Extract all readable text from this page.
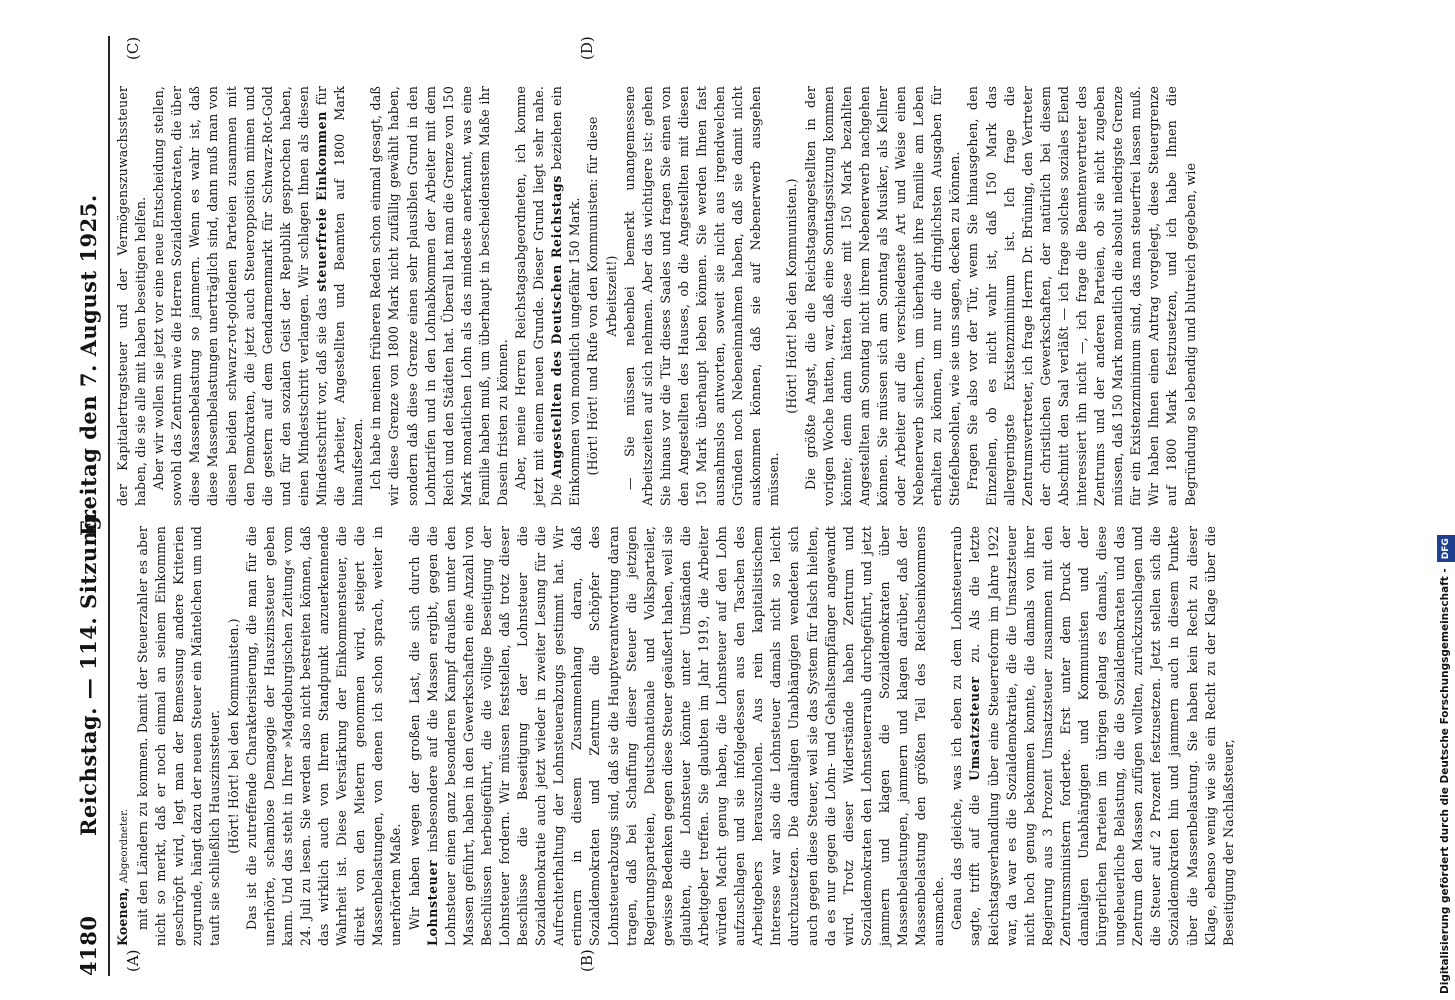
4180
Reichstag. — 114. Sitzung.
Freitag den 7. August 1925.
(A)	(B)
(C)	(D)

Koenen, Abgeordneter. mit den Ländern zu kommen. Damit der Steuerzahler es aber nicht so merkt, daß er noch einmal an seinem Einkommen geschröpft wird, legt man der Bemessung andere Kriterien zugrunde, hängt dazu der neuen Steuer ein Mäntelchen um und tauft sie schließlich Hauszinssteuer. (Hört! Hört! bei den Kommunisten.) Das ist die zutreffende Charakterisierung, die man für die unerhörte, schamlose Demagogie der Hauszinssteuer geben kann. Und das steht in Ihrer »Magdeburgischen Zeitung« vom 24. Juli zu lesen. Sie werden also nicht bestreiten können, daß das wirklich auch von Ihrem Standpunkt anzuerkennende Wahrheit ist. Diese Verstärkung der Einkommensteuer, die direkt von den Mietern genommen wird, steigert die Massenbelastungen, von denen ich schon sprach, weiter in unerhörtem Maße. Wir haben wegen der großen Last, die sich durch die Lohnsteuer insbesondere auf die Massen ergibt, gegen die Lohnsteuer einen ganz besonderen Kampf draußen unter den Massen geführt, haben in den Gewerkschaften eine Anzahl von Beschlüssen herbeigeführt, die die völlige Beseitigung der Lohnsteuer fordern. Wir müssen feststellen, daß trotz dieser Beschlüsse die Beseitigung der Lohnsteuer die Sozialdemokratie auch jetzt wieder in zweiter Lesung für die Aufrechterhaltung der Lohnsteuerabzugs gestimmt hat. Wir erinnern in diesem Zusammenhang daran, daß Sozialdemokraten und Zentrum die Schöpfer des Lohnsteuerabzugs sind, daß sie die Hauptverantwortung daran tragen, daß bei Schaffung dieser Steuer die jetzigen Regierungsparteien, Deutschnationale und Volksparteiler, gewisse Bedenken gegen diese Steuer geäußert haben, weil sie glaubten, die Lohnsteuer könnte unter Umständen die Arbeitgeber treffen. Sie glaubten im Jahr 1919, die Arbeiter würden Macht genug haben, die Lohnsteuer auf den Lohn aufzuschlagen und sie infolgedessen aus den Taschen des Arbeitgebers herauszuholen. Aus rein kapitalistischem Interesse war also die Lohnsteuer damals nicht so leicht durchzusetzen. Die damaligen Unabhängigen wendeten sich auch gegen diese Steuer, weil sie das System für falsch hielten, da es nur gegen die Lohn- und Gehaltsempfänger angewandt wird. Trotz dieser Widerstände haben Zentrum und Sozialdemokraten den Lohnsteuerraub durchgeführt, und jetzt jammern und klagen die Sozialdemokraten über Massenbelastungen, jammern und klagen darüber, daß der Massenbelastung den größten Teil des Reichseinkommens ausmache. Genau das gleiche, was ich eben zu dem Lohnsteuerraub sagte, trifft auf die Umsatzsteuer zu. Als die letzte Reichstagsverhandlung über eine Steuerreform im Jahre 1922 war, da war es die Sozialdemokratie, die die Umsatzsteuer nicht hoch genug bekommen konnte, die damals von ihrer Regierung aus 3 Prozent Umsatzsteuer zusammen mit den Zentrumsministern forderte. Erst unter dem Druck der damaligen Unabhängigen und Kommunisten und der bürgerlichen Parteien im übrigen gelang es damals, diese ungeheuerliche Belastung, die die Sozialdemokraten und das Zentrum den Massen zufügen wollten, zurückzuschlagen und die Steuer auf 2 Prozent festzusetzen. Jetzt stellen sich die Sozialdemokraten hin und jammern auch in diesem Punkte über die Massenbelastung. Sie haben kein Recht zu dieser Klage, ebenso wenig wie sie ein Recht zu der Klage über die Beseitigung der Nachlaßsteuer,

der Kapitalertragsteuer und der Vermögenszuwachssteuer haben, die sie alle mit haben beseitigen helfen. Aber wir wollen sie jetzt vor eine neue Entscheidung stellen, sowohl das Zentrum wie die Herren Sozialdemokraten, die über diese Massenbelastung so jammern. Wenn es wahr ist, daß diese Massenbelastungen unerträglich sind, dann muß man von diesen beiden schwarz-rot-goldenen Parteien zusammen mit den Demokraten, die jetzt auch Steueropposition mimen und die gestern auf dem Gendarmenmarkt für Schwarz-Rot-Gold und für den sozialen Geist der Republik gesprochen haben, einen Mindestschritt verlangen. Wir schlagen Ihnen als diesen Mindestschritt vor, daß sie das steuerfreie Einkommen für die Arbeiter, Angestellten und Beamten auf 1800 Mark hinaufsetzen. Ich habe in meinen früheren Reden schon einmal gesagt, daß wir diese Grenze von 1800 Mark nicht zufällig gewählt haben, sondern daß diese Grenze einen sehr plausiblen Grund in den Lohntarifen und in den Lohnabkommen der Arbeiter mit dem Reich und den Städten hat. Überall hat man die Grenze von 150 Mark monatlichen Lohn als das mindeste anerkannt, was eine Familie haben muß, um überhaupt in bescheidenstem Maße ihr Dasein fristen zu können. Aber, meine Herren Reichstagsabgeordneten, ich komme jetzt mit einem neuen Grunde. Dieser Grund liegt sehr nahe. Die Angestellten des Deutschen Reichstags beziehen ein Einkommen von monatlich ungefähr 150 Mark. (Hört! Hört! und Rufe von den Kommunisten: für diese Arbeitszeit!) — Sie müssen nebenbei bemerkt unangemessene Arbeitszeiten auf sich nehmen. Aber das wichtigere ist: gehen Sie hinaus vor die Tür dieses Saales und fragen Sie einen von den Angestellten des Hauses, ob die Angestellten mit diesen 150 Mark überhaupt leben können. Sie werden Ihnen fast ausnahmslos antworten, soweit sie nicht aus irgendwelchen Gründen noch Nebeneinnahmen haben, daß sie damit nicht auskommen können, daß sie auf Nebenerwerb ausgehen müssen.

(Hört! Hört! bei den Kommunisten.) Die größte Angst, die die Reichstagsangestellten in der vorigen Woche hatten, war, daß eine Sonntagssitzung kommen könnte; denn dann hätten diese mit 150 Mark bezahlten Angestellten am Sonntag nicht ihrem Nebenerwerb nachgehen können. Sie müssen sich am Sonntag als Musiker, als Kellner oder Arbeiter auf die verschiedenste Art und Weise einen Nebenerwerb sichern, um überhaupt ihre Familie am Leben erhalten zu können, um nur die dringlichsten Ausgaben für Stiefelbesohlen, wie sie uns sagen, decken zu können. Fragen Sie also vor der Tür, wenn Sie hinausgehen, den Einzelnen, ob es nicht wahr ist, daß 150 Mark das allergeringste Existenzminimum ist. Ich frage die Zentrumsvertreter, ich frage Herrn Dr. Brüning, den Vertreter der christlichen Gewerkschaften, der natürlich bei diesem Abschnitt den Saal verläßt — ich frage solches soziales Elend interessiert ihn nicht —, ich frage die Beamtenvertreter des Zentrums und der anderen Parteien, ob sie nicht zugeben müssen, daß 150 Mark monatlich die absolut niedrigste Grenze für ein Existenzminimum sind, das man steuerfrei lassen muß. Wir haben Ihnen einen Antrag vorgelegt, diese Steuergrenze auf 1800 Mark festzusetzen, und ich habe Ihnen die Begründung so lebendig und blutreich gegeben, wie

Digitalisierung gefördert durch die Deutsche Forschungsgemeinschaft -DFG
